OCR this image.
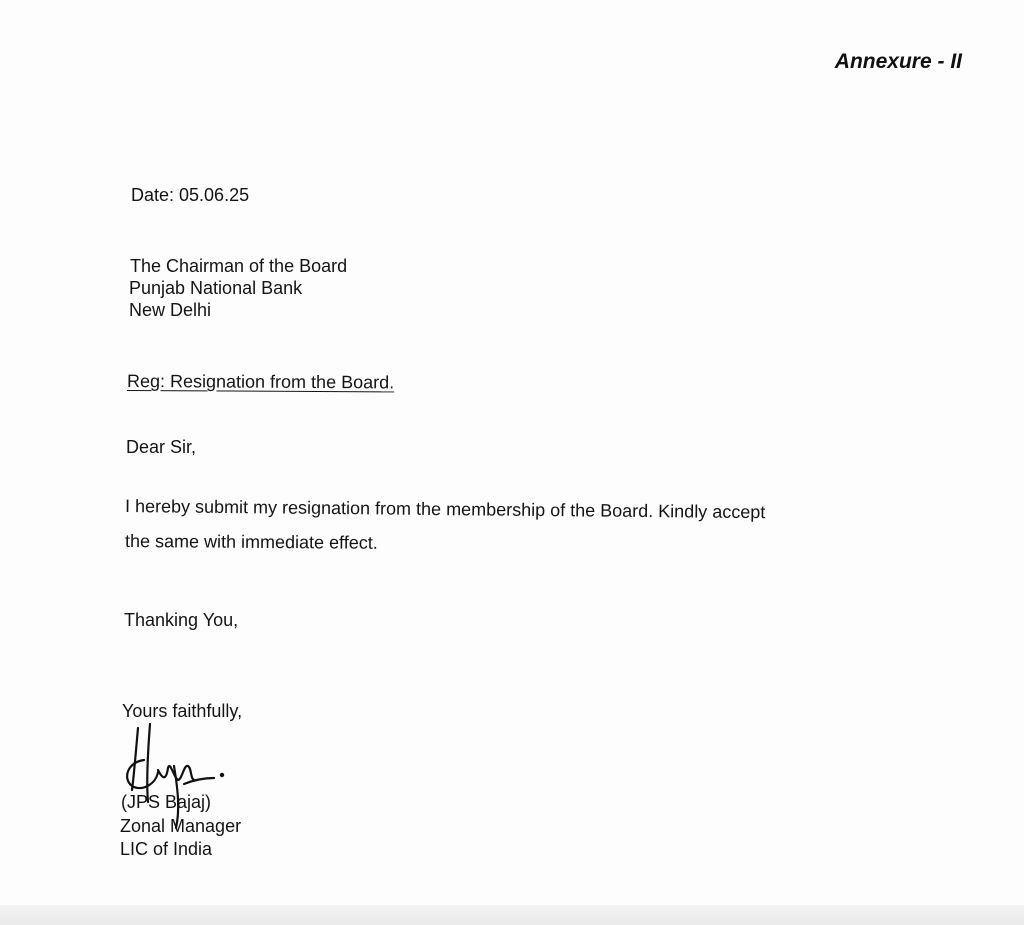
Annexure - II
Date: 05.06.25
The Chairman of the Board
Punjab National Bank
New Delhi
Reg: Resignation from the Board.
Dear Sir,
I hereby submit my resignation from the membership of the Board. Kindly accept
the same with immediate effect.
Thanking You,
Yours faithfully,
(JPS Bajaj)
Zonal Manager
LIC of India
